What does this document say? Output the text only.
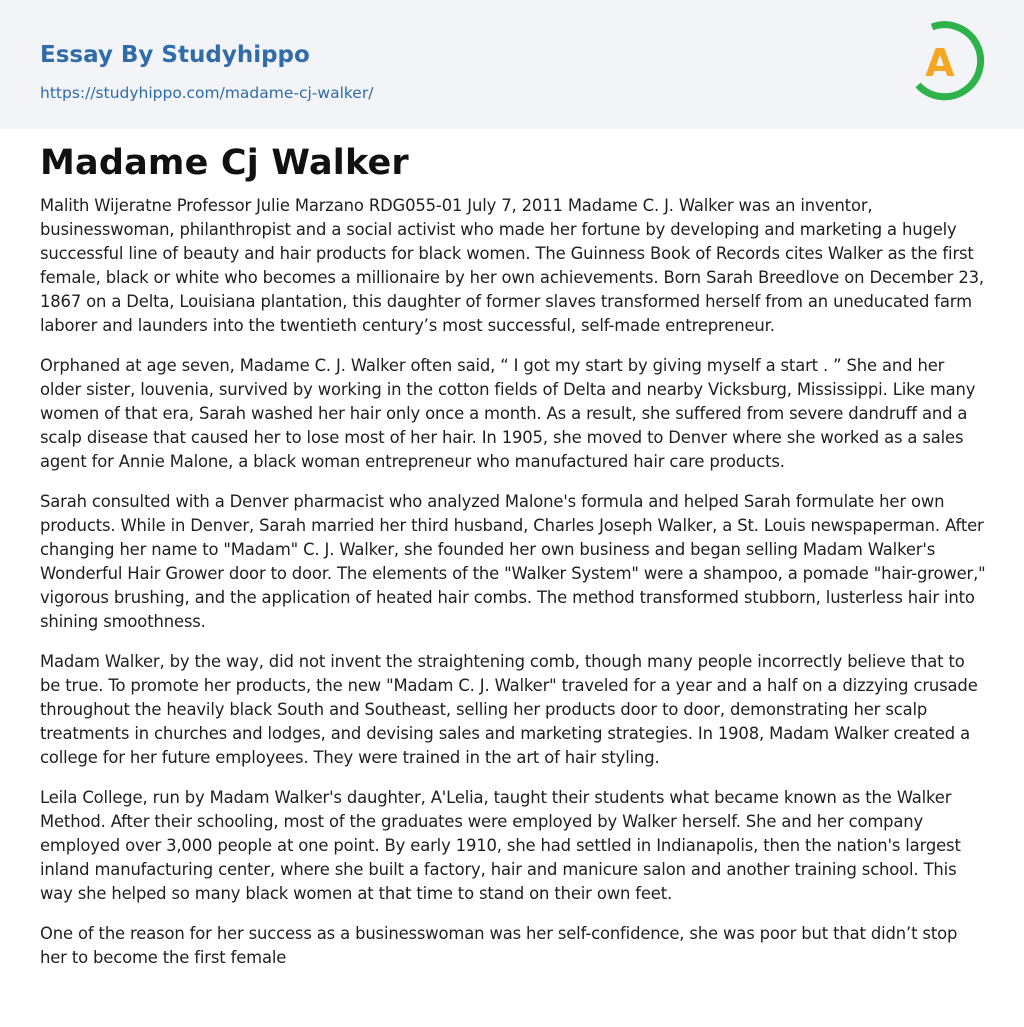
Essay By Studyhippo
https://studyhippo.com/madame-cj-walker/
A
Madame Cj Walker

Malith Wijeratne Professor Julie Marzano RDG055-01 July 7, 2011 Madame C. J. Walker was an inventor, businesswoman, philanthropist and a social activist who made her fortune by developing and marketing a hugely successful line of beauty and hair products for black women. The Guinness Book of Records cites Walker as the first female, black or white who becomes a millionaire by her own achievements. Born Sarah Breedlove on December 23, 1867 on a Delta, Louisiana plantation, this daughter of former slaves transformed herself from an uneducated farm laborer and launders into the twentieth century’s most successful, self-made entrepreneur.

Orphaned at age seven, Madame C. J. Walker often said, “ I got my start by giving myself a start . ” She and her older sister, louvenia, survived by working in the cotton fields of Delta and nearby Vicksburg, Mississippi. Like many women of that era, Sarah washed her hair only once a month. As a result, she suffered from severe dandruff and a scalp disease that caused her to lose most of her hair. In 1905, she moved to Denver where she worked as a sales agent for Annie Malone, a black woman entrepreneur who manufactured hair care products.

Sarah consulted with a Denver pharmacist who analyzed Malone's formula and helped Sarah formulate her own products. While in Denver, Sarah married her third husband, Charles Joseph Walker, a St. Louis newspaperman. After changing her name to "Madam" C. J. Walker, she founded her own business and began selling Madam Walker's Wonderful Hair Grower door to door. The elements of the "Walker System" were a shampoo, a pomade "hair-grower," vigorous brushing, and the application of heated hair combs. The method transformed stubborn, lusterless hair into shining smoothness.

Madam Walker, by the way, did not invent the straightening comb, though many people incorrectly believe that to be true. To promote her products, the new "Madam C. J. Walker" traveled for a year and a half on a dizzying crusade throughout the heavily black South and Southeast, selling her products door to door, demonstrating her scalp treatments in churches and lodges, and devising sales and marketing strategies. In 1908, Madam Walker created a college for her future employees. They were trained in the art of hair styling.

Leila College, run by Madam Walker's daughter, A'Lelia, taught their students what became known as the Walker Method. After their schooling, most of the graduates were employed by Walker herself. She and her company employed over 3,000 people at one point. By early 1910, she had settled in Indianapolis, then the nation's largest inland manufacturing center, where she built a factory, hair and manicure salon and another training school. This way she helped so many black women at that time to stand on their own feet.

One of the reason for her success as a businesswoman was her self-confidence, she was poor but that didn’t stop her to become the first female
